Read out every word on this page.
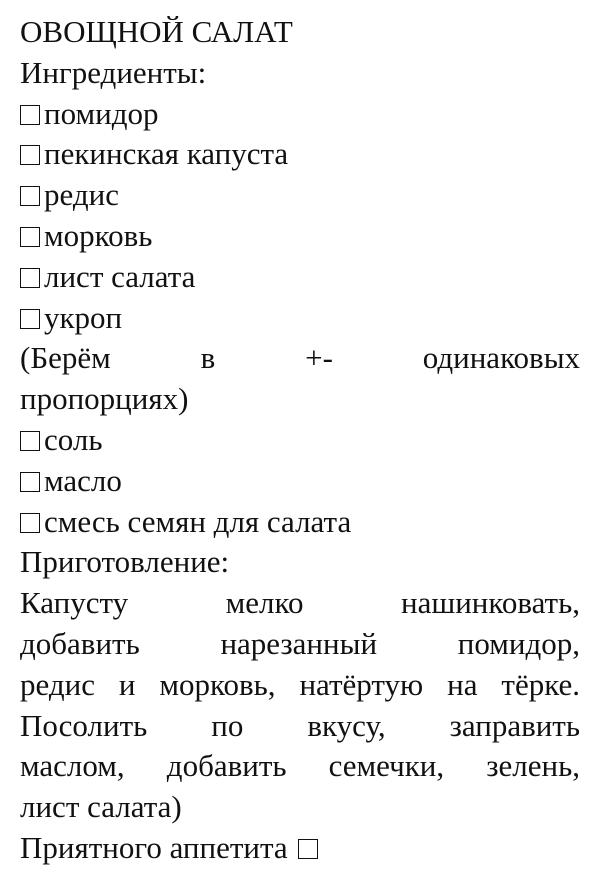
ОВОЩНОЙ САЛАТ

Ингредиенты:

помидор

пекинская капуста

редис

морковь

лист салата

укроп

(Берём	в	+-	одинаковых

пропорциях)

соль

масло

смесь семян для салата

Приготовление:

Капусту мелко нашинковать,

добавить нарезанный помидор,

редис и морковь, натёртую на тёрке.

Посолить по вкусу, заправить

маслом, добавить семечки, зелень,

лист салата)

Приятного аппетита
